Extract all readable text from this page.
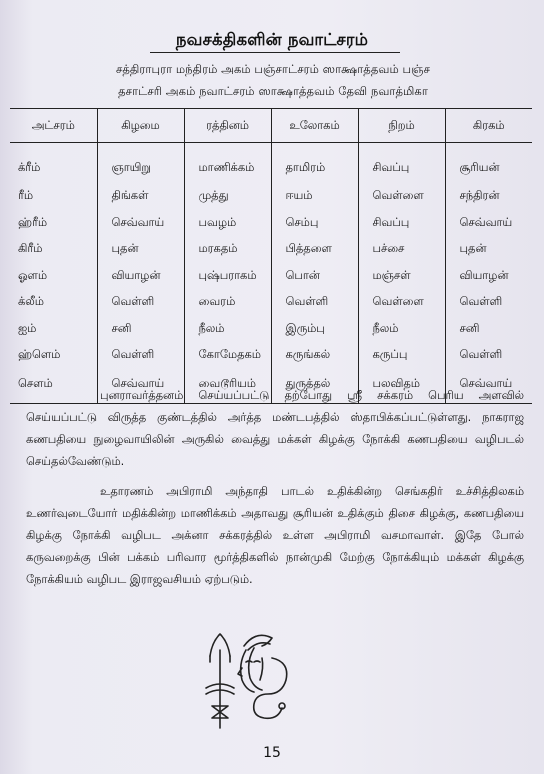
நவசக்திகளின் நவாட்சரம்
சத்திராபுரா மந்திரம் அகம் பஞ்சாட்சரம் ஸாக்ஷாத்தவம் பஞ்ச
தசாட்சரி அகம் நவாட்சரம் ஸாக்ஷாத்தவம் தேவி நவாத்மிகா
அட்சரம்	கிழமை	ரத்தினம்	உலோகம்	நிறம்	கிரகம்
க்ரீம்	ஞாயிறு	மாணிக்கம்	தாமிரம்	சிவப்பு	சூரியன்
ரீம்	திங்கள்	முத்து	ஈயம்	வெள்ளை	சந்திரன்
ஹ்ரீம்	செவ்வாய்	பவழம்	செம்பு	சிவப்பு	செவ்வாய்
கிரீம்	புதன்	மரகதம்	பித்தளை	பச்சை	புதன்
ஓளம்	வியாழன்	புஷ்பராகம்	பொன்	மஞ்சள்	வியாழன்
க்லீம்	வெள்ளி	வைரம்	வெள்ளி	வெள்ளை	வெள்ளி
ஐம்	சனி	நீலம்	இரும்பு	நீலம்	சனி
ஹ்ளெம்	வெள்ளி	கோமேதகம்	கருங்கல்	கருப்பு	வெள்ளி
சௌம்	செவ்வாய்	வைடூரியம்	துருத்தல்	பலவிதம்	செவ்வாய்

புனராவர்த்தனம் செய்யப்பட்டு தற்போது ஶ்ரீ சக்கரம் பெரிய அளவில் செய்யப்பட்டு விருத்த குண்டத்தில் அர்த்த மண்டபத்தில் ஸ்தாபிக்கப்பட்டுள்ளது. நாகராஜ கணபதியை நுழைவாயிலின் அருகில் வைத்து மக்கள் கிழக்கு நோக்கி கணபதியை வழிபடல் செய்தல்வேண்டும்.

உதாரணம் அபிராமி அந்தாதி பாடல் உதிக்கின்ற செங்கதிர் உச்சித்திலகம் உணர்வுடையோர் மதிக்கின்ற மாணிக்கம் அதாவது சூரியன் உதிக்கும் திசை கிழக்கு, கணபதியை கிழக்கு நோக்கி வழிபட அக்னா சக்கரத்தில் உள்ள அபிராமி வசமாவாள். இதே போல் கருவறைக்கு பின் பக்கம் பரிவார மூர்த்திகளில் நான்முகி மேற்கு நோக்கியும் மக்கள் கிழக்கு நோக்கியம் வழிபட இராஜவசியம் ஏற்படும்.

15
